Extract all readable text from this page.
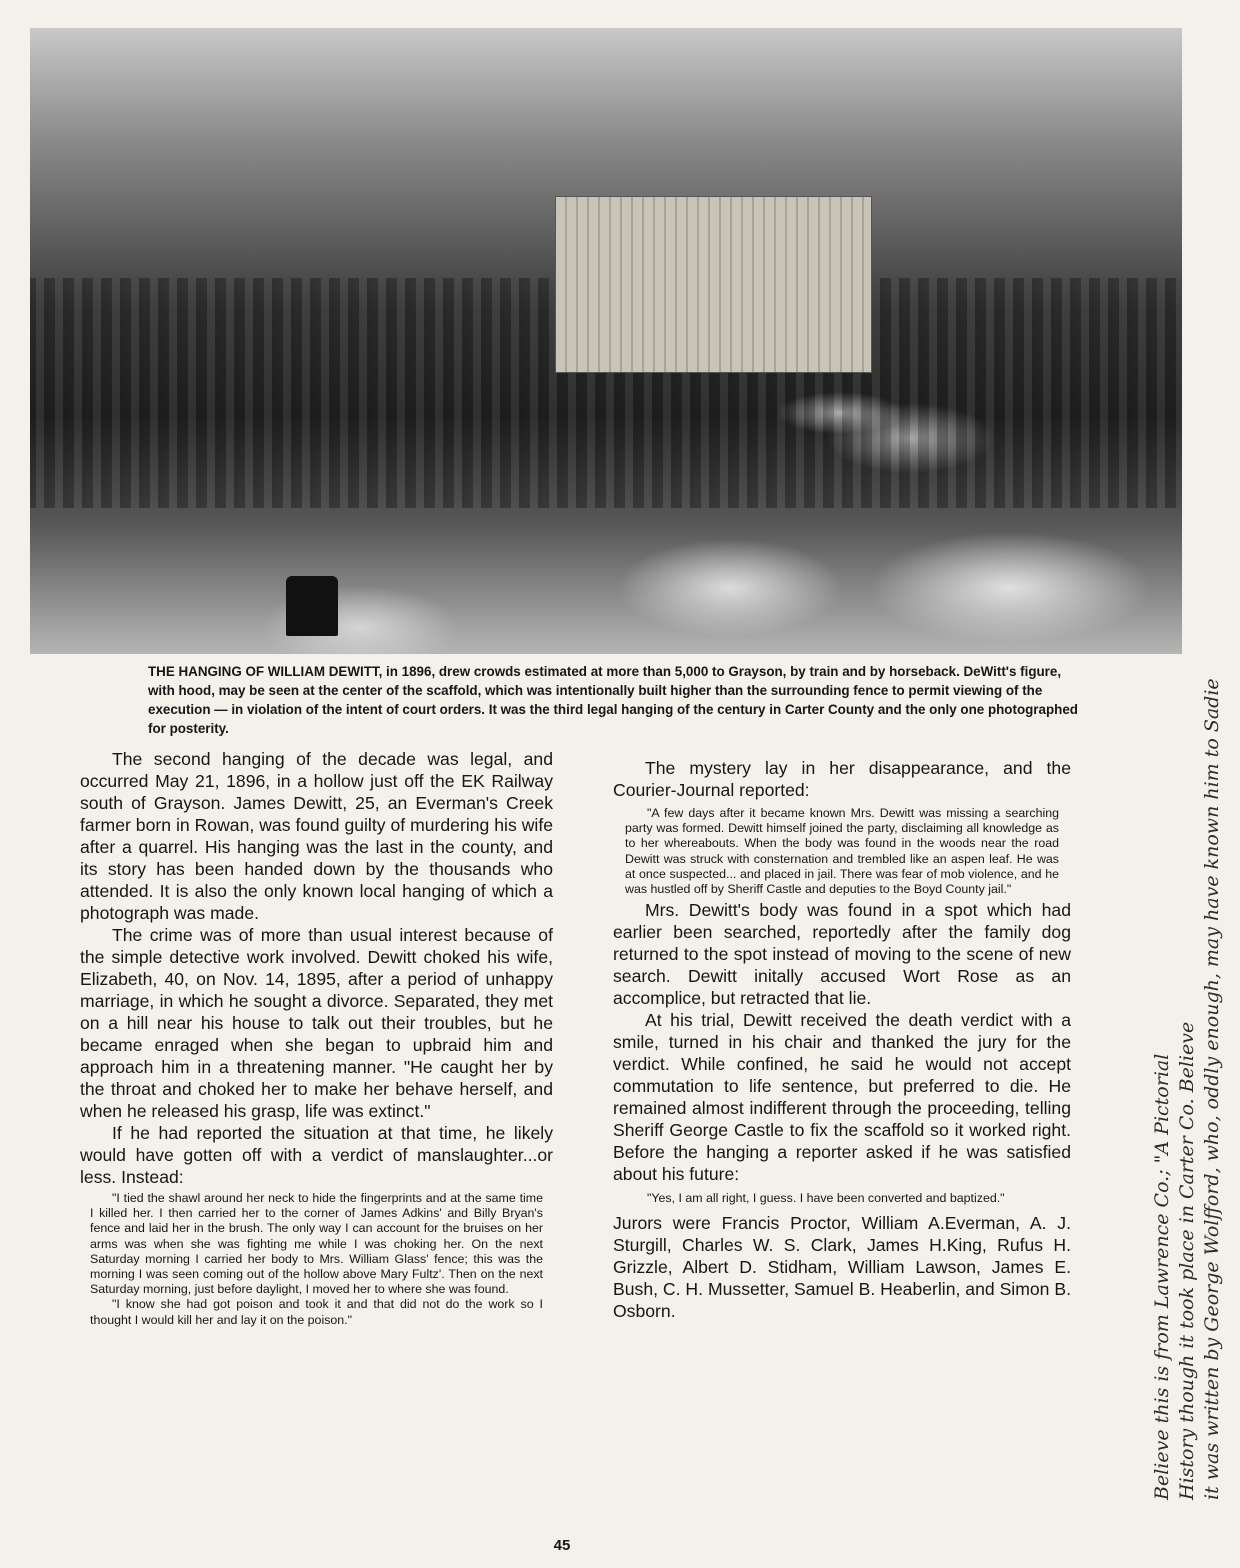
THE HANGING OF WILLIAM DEWITT, in 1896, drew crowds estimated at more than 5,000 to Grayson, by train and by horseback. DeWitt's figure, with hood, may be seen at the center of the scaffold, which was intentionally built higher than the surrounding fence to permit viewing of the execution — in violation of the intent of court orders. It was the third legal hanging of the century in Carter County and the only one photographed for posterity.

The second hanging of the decade was legal, and occurred May 21, 1896, in a hollow just off the EK Railway south of Grayson. James Dewitt, 25, an Everman's Creek farmer born in Rowan, was found guilty of murdering his wife after a quarrel. His hanging was the last in the county, and its story has been handed down by the thousands who attended. It is also the only known local hanging of which a photograph was made.

The crime was of more than usual interest because of the simple detective work involved. Dewitt choked his wife, Elizabeth, 40, on Nov. 14, 1895, after a period of unhappy marriage, in which he sought a divorce. Separated, they met on a hill near his house to talk out their troubles, but he became enraged when she began to upbraid him and approach him in a threatening manner. "He caught her by the throat and choked her to make her behave herself, and when he released his grasp, life was extinct."

If he had reported the situation at that time, he likely would have gotten off with a verdict of manslaughter...or less. Instead:

"I tied the shawl around her neck to hide the fingerprints and at the same time I killed her. I then carried her to the corner of James Adkins' and Billy Bryan's fence and laid her in the brush. The only way I can account for the bruises on her arms was when she was fighting me while I was choking her. On the next Saturday morning I carried her body to Mrs. William Glass' fence; this was the morning I was seen coming out of the hollow above Mary Fultz'. Then on the next Saturday morning, just before daylight, I moved her to where she was found.

"I know she had got poison and took it and that did not do the work so I thought I would kill her and lay it on the poison."

The mystery lay in her disappearance, and the Courier-Journal reported:

"A few days after it became known Mrs. Dewitt was missing a searching party was formed. Dewitt himself joined the party, disclaiming all knowledge as to her whereabouts. When the body was found in the woods near the road Dewitt was struck with consternation and trembled like an aspen leaf. He was at once suspected... and placed in jail. There was fear of mob violence, and he was hustled off by Sheriff Castle and deputies to the Boyd County jail."

Mrs. Dewitt's body was found in a spot which had earlier been searched, reportedly after the family dog returned to the spot instead of moving to the scene of new search. Dewitt initally accused Wort Rose as an accomplice, but retracted that lie.

At his trial, Dewitt received the death verdict with a smile, turned in his chair and thanked the jury for the verdict. While confined, he said he would not accept commutation to life sentence, but preferred to die. He remained almost indifferent through the proceeding, telling Sheriff George Castle to fix the scaffold so it worked right. Before the hanging a reporter asked if he was satisfied about his future:

"Yes, I am all right, I guess. I have been converted and baptized."

Jurors were Francis Proctor, William A.Everman, A. J. Sturgill, Charles W. S. Clark, James H.King, Rufus H. Grizzle, Albert D. Stidham, William Lawson, James E. Bush, C. H. Mussetter, Samuel B. Heaberlin, and Simon B. Osborn.

45

Believe this is from Lawrence Co.; "A Pictorial History though it took place in Carter Co. Believe it was written by George Wolfford, who, oddly enough, may have known him to Sadie
